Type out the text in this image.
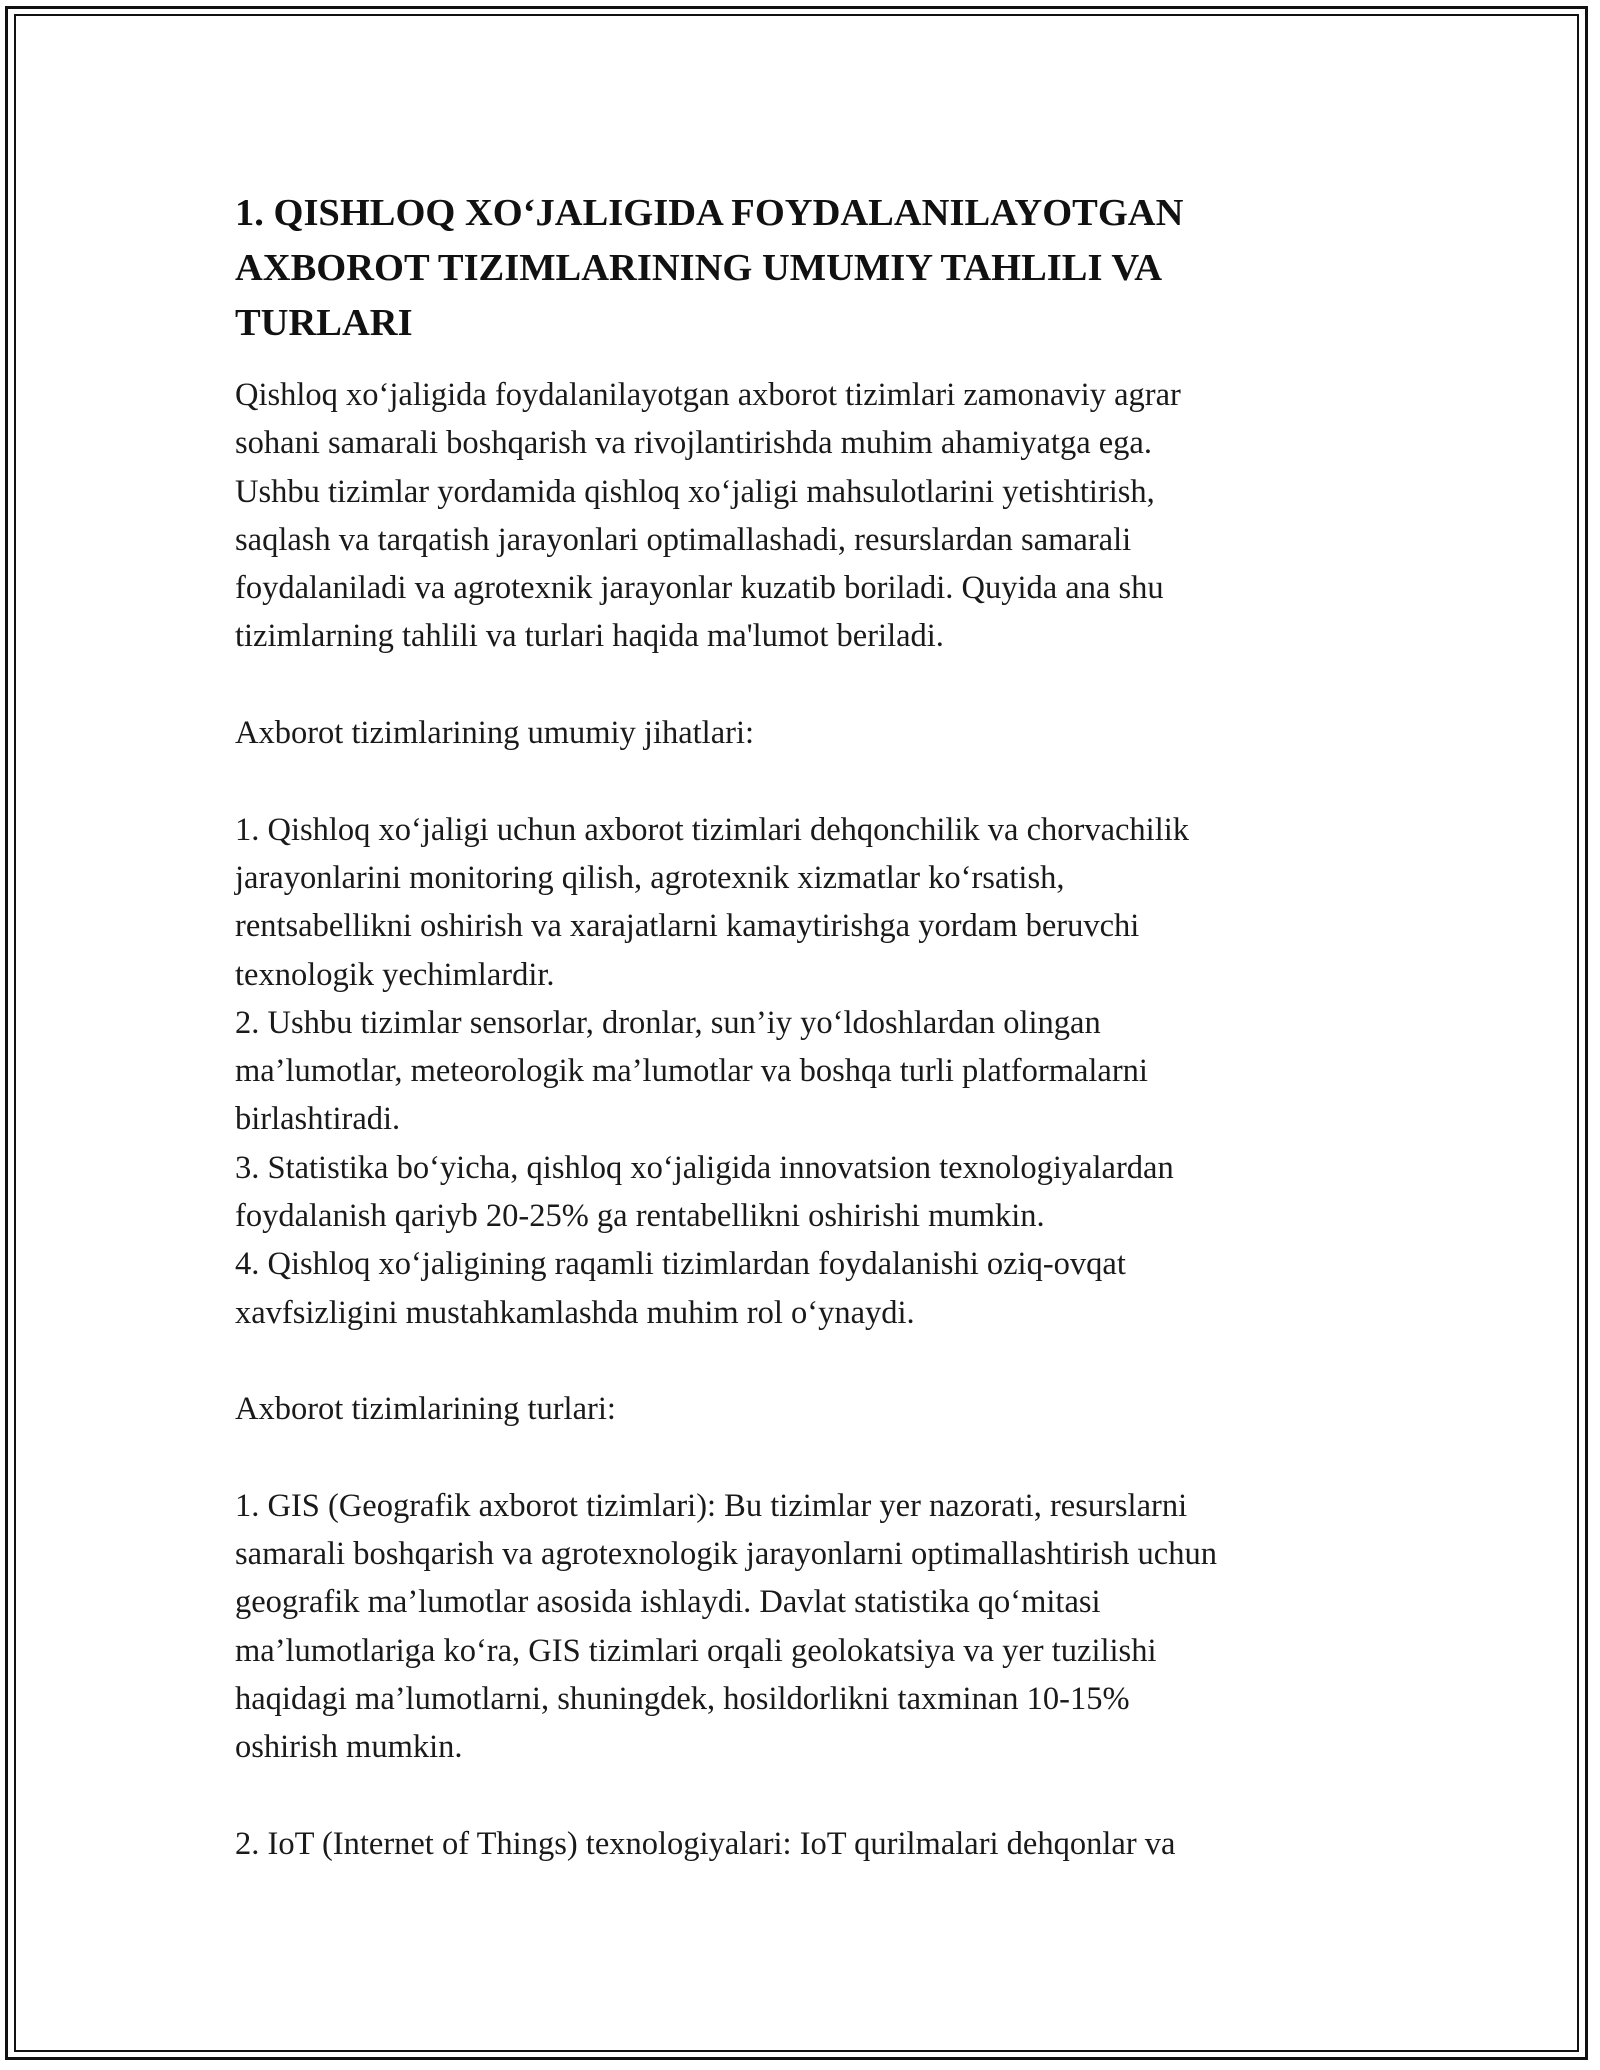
1. QISHLOQ XO‘JALIGIDA FOYDALANILAYOTGAN
AXBOROT TIZIMLARINING UMUMIY TAHLILI VA
TURLARI
Qishloq xo‘jaligida foydalanilayotgan axborot tizimlari zamonaviy agrar
sohani samarali boshqarish va rivojlantirishda muhim ahamiyatga ega.
Ushbu tizimlar yordamida qishloq xo‘jaligi mahsulotlarini yetishtirish,
saqlash va tarqatish jarayonlari optimallashadi, resurslardan samarali
foydalaniladi va agrotexnik jarayonlar kuzatib boriladi. Quyida ana shu
tizimlarning tahlili va turlari haqida ma'lumot beriladi.
Axborot tizimlarining umumiy jihatlari:
1. Qishloq xo‘jaligi uchun axborot tizimlari dehqonchilik va chorvachilik
jarayonlarini monitoring qilish, agrotexnik xizmatlar ko‘rsatish,
rentsabellikni oshirish va xarajatlarni kamaytirishga yordam beruvchi
texnologik yechimlardir.
2. Ushbu tizimlar sensorlar, dronlar, sun’iy yo‘ldoshlardan olingan
ma’lumotlar, meteorologik ma’lumotlar va boshqa turli platformalarni
birlashtiradi.
3. Statistika bo‘yicha, qishloq xo‘jaligida innovatsion texnologiyalardan
foydalanish qariyb 20-25% ga rentabellikni oshirishi mumkin.
4. Qishloq xo‘jaligining raqamli tizimlardan foydalanishi oziq-ovqat
xavfsizligini mustahkamlashda muhim rol o‘ynaydi.
Axborot tizimlarining turlari:
1. GIS (Geografik axborot tizimlari): Bu tizimlar yer nazorati, resurslarni
samarali boshqarish va agrotexnologik jarayonlarni optimallashtirish uchun
geografik ma’lumotlar asosida ishlaydi. Davlat statistika qo‘mitasi
ma’lumotlariga ko‘ra, GIS tizimlari orqali geolokatsiya va yer tuzilishi
haqidagi ma’lumotlarni, shuningdek, hosildorlikni taxminan 10-15%
oshirish mumkin.
2. IoT (Internet of Things) texnologiyalari: IoT qurilmalari dehqonlar va
